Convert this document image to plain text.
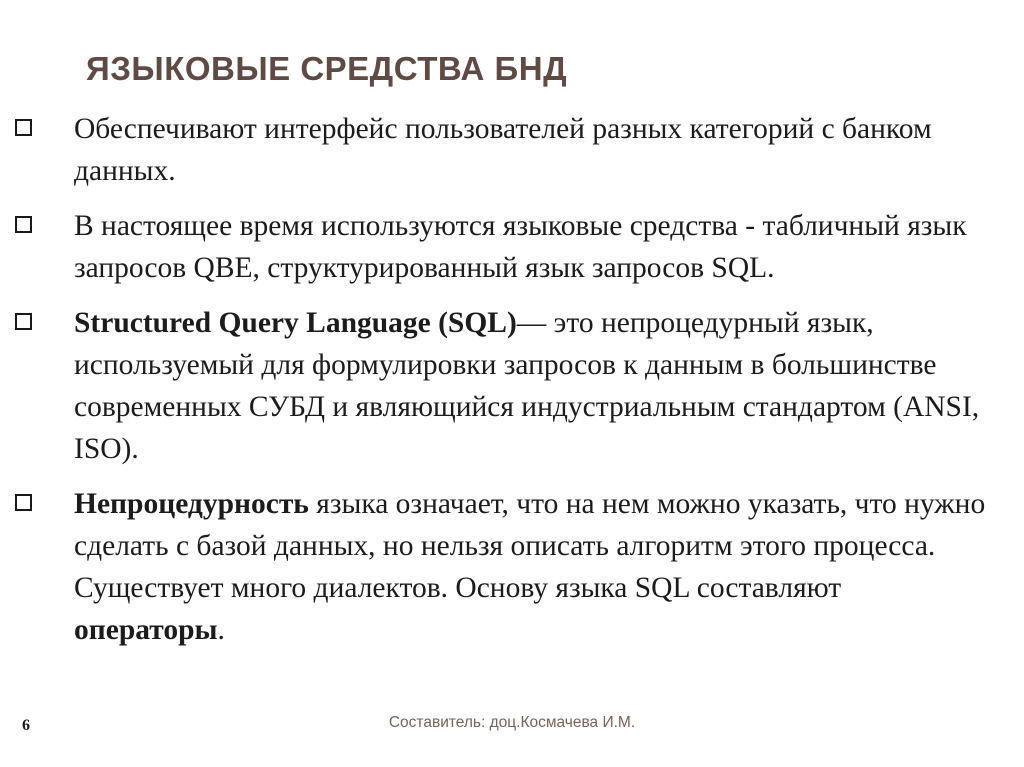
ЯЗЫКОВЫЕ СРЕДСТВА БНД
Обеспечивают интерфейс пользователей разных категорий с банком данных.
В настоящее время используются языковые средства - табличный язык запросов QBE, структурированный язык запросов SQL.
Structured Query Language (SQL)— это непроцедурный язык, используемый для формулировки запросов к данным в большинстве современных СУБД и являющийся индустриальным стандартом (ANSI, ISO).
Непроцедурность языка означает, что на нем можно указать, что нужно сделать с базой данных, но нельзя описать алгоритм этого процесса. Существует много диалектов. Основу языка SQL составляют операторы.
6	Составитель: доц.Космачева И.М.
